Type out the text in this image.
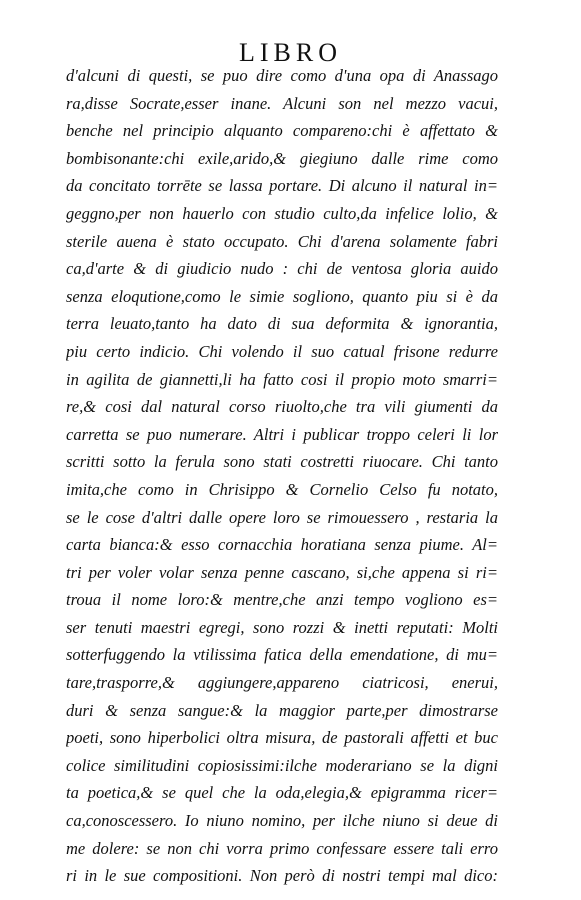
LIBRO
d'alcuni di questi, se puo dire como d'una opa di Anassago
ra,disse Socrate,esser inane. Alcuni son nel mezzo vacui,
benche nel principio alquanto compareno:chi è affettato &
bombisonante:chi exile,arido,& giegiuno dalle rime como
da concitato torrēte se lassa portare. Di alcuno il natural in=
geggno,per non hauerlo con studio culto,da infelice lolio, &
sterile auena è stato occupato. Chi d'arena solamente fabri
ca,d'arte & di giudicio nudo : chi de ventosa gloria auido
senza eloqutione,como le simie sogliono, quanto piu si è da
terra leuato,tanto ha dato di sua deformita & ignorantia,
piu certo indicio. Chi volendo il suo catual frisone redurre
in agilita de giannetti,li ha fatto cosi il propio moto smarri=
re,& cosi dal natural corso riuolto,che tra vili giumenti da
carretta se puo numerare. Altri i publicar troppo celeri li lor
scritti sotto la ferula sono stati costretti riuocare. Chi tanto
imita,che como in Chrisippo & Cornelio Celso fu notato,
se le cose d'altri dalle opere loro se rimouessero , restaria la
carta bianca:& esso cornacchia horatiana senza piume. Al=
tri per voler volar senza penne cascano, si,che appena si ri=
troua il nome loro:& mentre,che anzi tempo vogliono es=
ser tenuti maestri egregi, sono rozzi & inetti reputati: Molti
sotterfuggendo la vtilissima fatica della emendatione, di mu=
tare,trasporre,& aggiungere,appareno ciatricosi, enerui,
duri & senza sangue:& la maggior parte,per dimostrarse
poeti, sono hiperbolici oltra misura, de pastorali affetti et buc
colice similitudini copiosissimi:ilche moderariano se la digni
ta poetica,& se quel che la oda,elegia,& epigramma ricer=
ca,conoscessero. Io niuno nomino, per ilche niuno si deue di
me dolere: se non chi vorra primo confessare essere tali erro
ri in le sue compositioni. Non però di nostri tempi mal dico:
